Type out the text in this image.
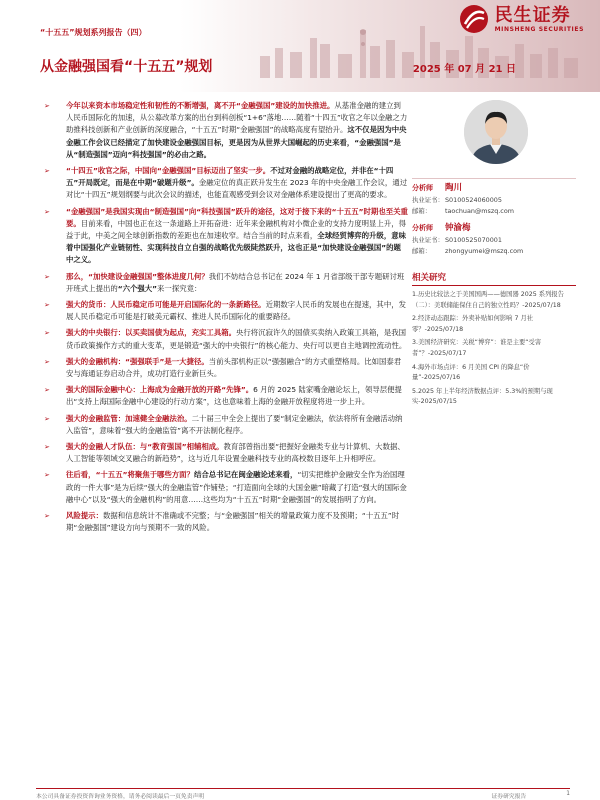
民生证券
MINSHENG SECURITIES
“十五五”规划系列报告（四）
从金融强国看“十五五”规划	2025 年 07 月 21 日
➢ 今年以来资本市场稳定性和韧性的不断增强，离不开“金融强国”建设的加快推进。从基准金融的建立到人民币国际化的加速，从公募改革方案的出台到科创板“1+6”落地……随着“十四五”收官之年以金融之力助推科技创新和产业创新的深度融合，“十五五”时期“金融强国”的战略高度有望抬升。这不仅是因为中央金融工作会议已经描定了加快建设金融强国目标，更是因为从世界大国崛起的历史来看，“金融强国”是从“制造强国”迈向“科技强国”的必由之路。
➢ “十四五”收官之际，中国向“金融强国”目标迈出了坚实一步。不过对金融的战略定位，并非在“十四五”开局既定，而是在中期“破题升级”。金融定位的真正跃升发生在 2023 年的中央金融工作会议，通过对比“十四五”规划纲要与此次会议的描述，也能直观感受到会议对金融体系建设提出了更高的要求。
➢ “金融强国”是我国实现由“制造强国”向“科技强国”跃升的途径，这对于接下来的“十五五”时期也至关重要。目前来看，中国也正在这一条道路上开拓奋进：近年来金融机构对小微企业的支持力度明显上升，得益于此，中美之间全球创新指数的差距也在加速收窄。结合当前的时点来看，全球经贸博弈的升级，意味着中国强化产业链韧性、实现科技自立自强的战略优先级陡然跃升，这也正是“加快建设金融强国”的题中之义。
➢ 那么，“加快建设金融强国”整体进度几何？我们不妨结合总书记在 2024 年 1 月省部级干部专题研讨班开班式上提出的“六个强大”来一探究竟：
➢ 强大的货币：人民币稳定币可能是开启国际化的一条新路径。近期数字人民币的发展也在提速，其中，发展人民币稳定币可能是打破美元霸权、推进人民币国际化的重要路径。
➢ 强大的中央银行：以买卖国债为起点，充实工具箱。央行将沉寂许久的国债买卖纳入政策工具箱，是我国货币政策操作方式的重大变革，更是锻造“强大的中央银行”的核心能力、央行可以更自主地调控流动性。
➢ 强大的金融机构：“强强联手”是一大捷径。当前头部机构正以“强强融合”的方式重塑格局。比如国泰君安与海通证券启动合并，成功打造行业新巨头。
➢ 强大的国际金融中心：上海成为金融开放的开路“先锋”。6 月的 2025 陆家嘴金融论坛上，领导层便提出“支持上海国际金融中心建设的行动方案”，这也意味着上海的金融开放程度将进一步上升。
➢ 强大的金融监管：加速健全金融法治。二十届三中全会上提出了要“制定金融法，依法将所有金融活动纳入监管”，意味着“强大的金融监管”离不开法制化程序。
➢ 强大的金融人才队伍：与“教育强国”相辅相成。教育部曾指出要“把握好金融类专业与计算机、大数据、人工智能等领域交叉融合的新趋势”，这与近几年设置金融科技专业的高校数目逐年上升相呼应。
➢ 往后看，“十五五”将聚焦于哪些方面？结合总书记在闽金融论述来看，“切实把维护金融安全作为治国理政的一件大事”是为后续“强大的金融监管”作铺垫；“打造面向全球的大国金融”暗藏了打造“强大的国际金融中心”以及“强大的金融机构”的用意……这些均为“十五五”时期“金融强国”的发展指明了方向。
➢ 风险提示：数据和信息统计不准确或不完整；与“金融强国”相关的增量政策力度不及预期；“十五五”时期“金融强国”建设方向与预期不一致的风险。
分析师	陶川
执业证书： S0100524060005
邮箱：	taochuan@mszq.com
分析师	钟渝梅
执业证书： S0100525070001
邮箱：	zhongyumei@mszq.com
相关研究
1.历史比较法之于美国国两——德国器 2025 系列报告（二）：美联储能保住自己的独立性吗？-2025/07/18
2.经济动态跟踪：外卖补贴如何影响 7 月社零？-2025/07/18
3.美国经济研究：关税“博弈”：谁是主要“受害者”？-2025/07/17
4.海外市场点评：6 月美国 CPI 的降息“价量”-2025/07/16
5.2025 年上半年经济数据点评：5.3%的预期与现实-2025/07/15
本公司具备证券投资咨询业务资格，请务必阅读最后一页免责声明	证券研究报告	1
